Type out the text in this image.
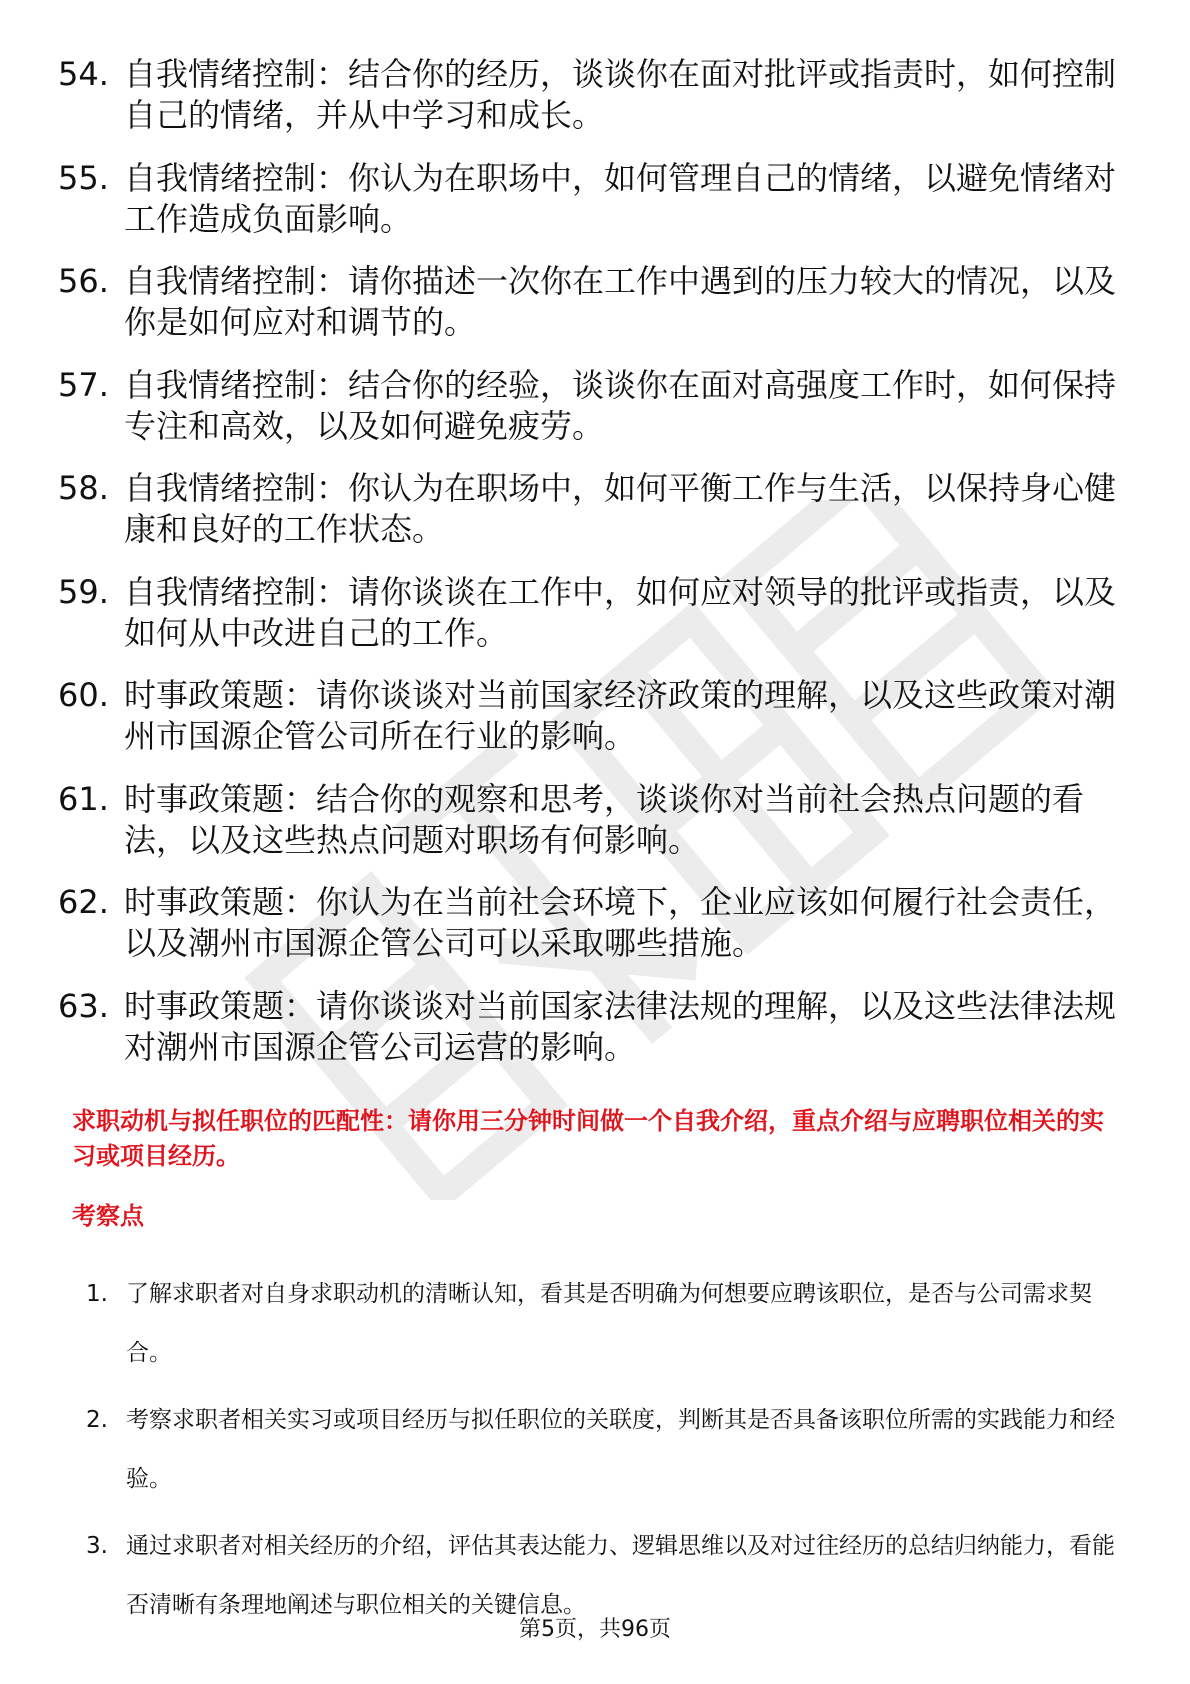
54. 自我情绪控制：结合你的经历，谈谈你在面对批评或指责时，如何控制自己的情绪，并从中学习和成长。
55. 自我情绪控制：你认为在职场中，如何管理自己的情绪，以避免情绪对工作造成负面影响。
56. 自我情绪控制：请你描述一次你在工作中遇到的压力较大的情况，以及你是如何应对和调节的。
57. 自我情绪控制：结合你的经验，谈谈你在面对高强度工作时，如何保持专注和高效，以及如何避免疲劳。
58. 自我情绪控制：你认为在职场中，如何平衡工作与生活，以保持身心健康和良好的工作状态。
59. 自我情绪控制：请你谈谈在工作中，如何应对领导的批评或指责，以及如何从中改进自己的工作。
60. 时事政策题：请你谈谈对当前国家经济政策的理解，以及这些政策对潮州市国源企管公司所在行业的影响。
61. 时事政策题：结合你的观察和思考，谈谈你对当前社会热点问题的看法，以及这些热点问题对职场有何影响。
62. 时事政策题：你认为在当前社会环境下，企业应该如何履行社会责任，以及潮州市国源企管公司可以采取哪些措施。
63. 时事政策题：请你谈谈对当前国家法律法规的理解，以及这些法律法规对潮州市国源企管公司运营的影响。
求职动机与拟任职位的匹配性：请你用三分钟时间做一个自我介绍，重点介绍与应聘职位相关的实习或项目经历。
考察点
1. 了解求职者对自身求职动机的清晰认知，看其是否明确为何想要应聘该职位，是否与公司需求契合。
2. 考察求职者相关实习或项目经历与拟任职位的关联度，判断其是否具备该职位所需的实践能力和经验。
3. 通过求职者对相关经历的介绍，评估其表达能力、逻辑思维以及对过往经历的总结归纳能力，看能否清晰有条理地阐述与职位相关的关键信息。
第5页，共96页
